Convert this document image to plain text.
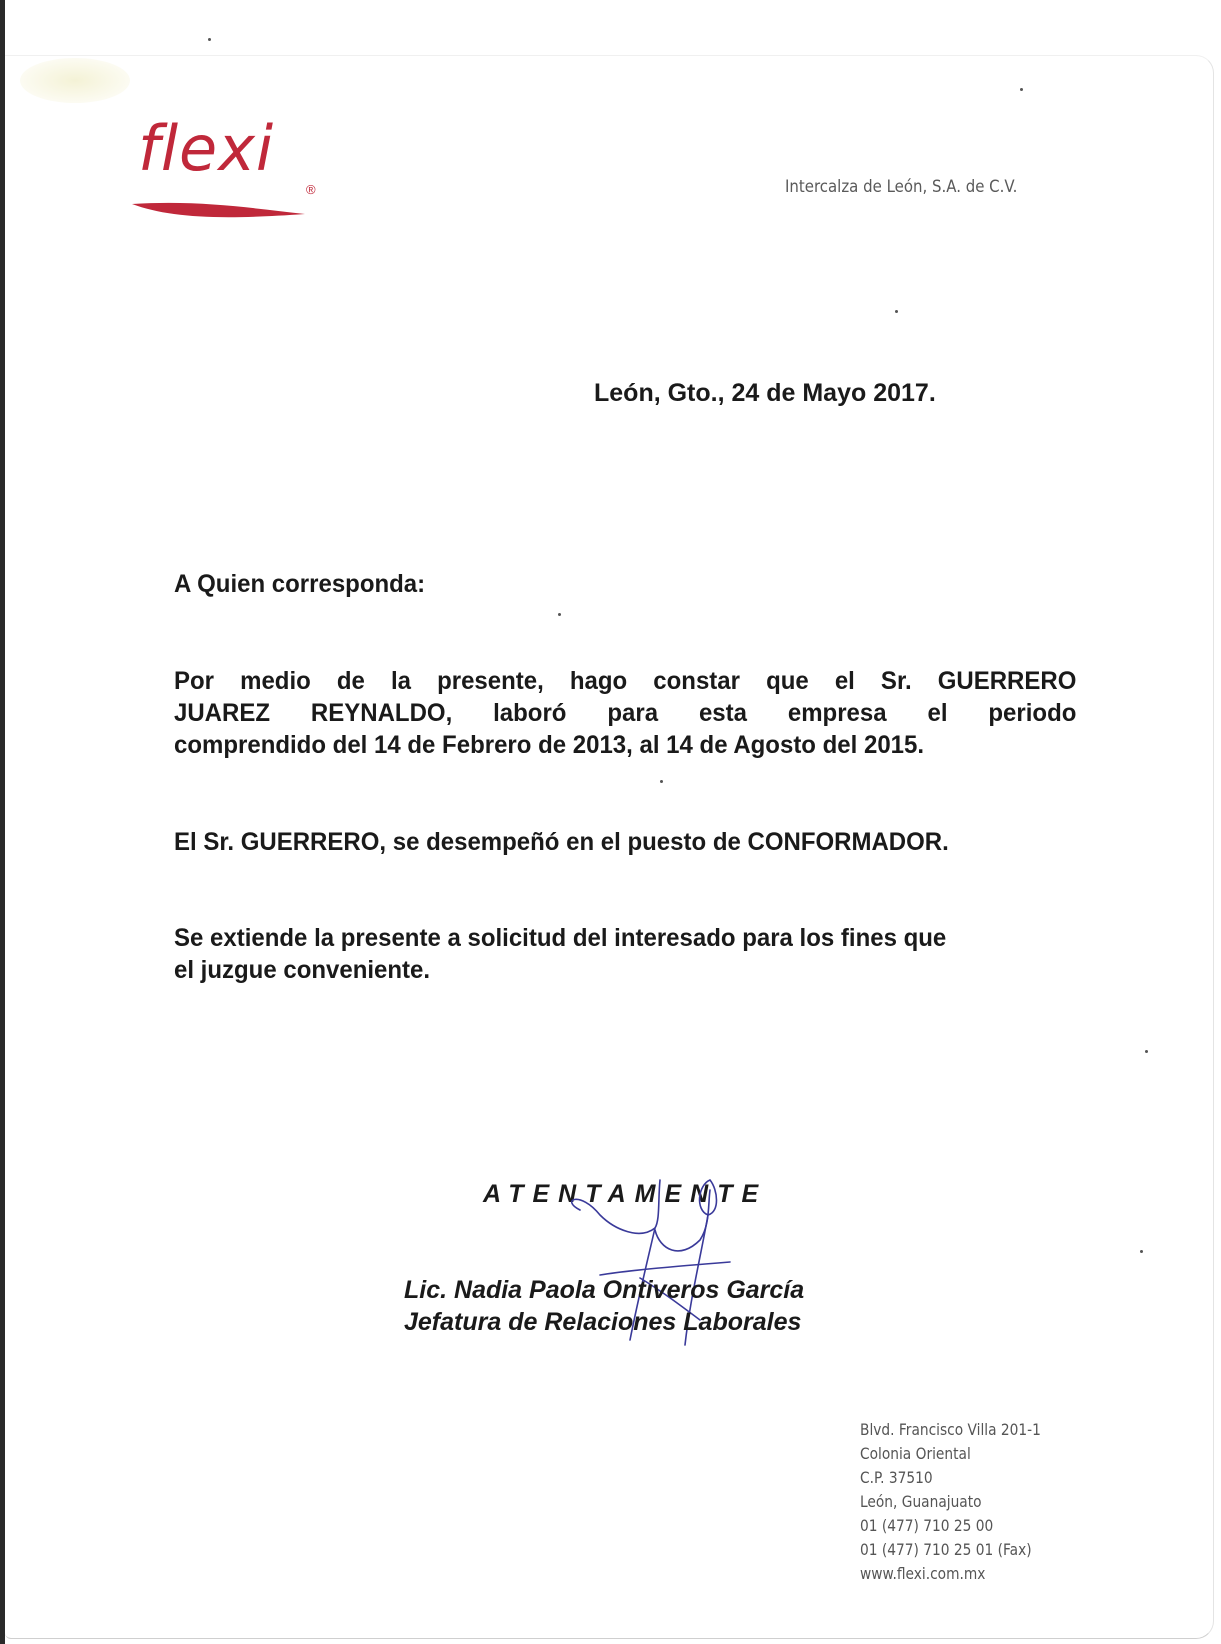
flexi
®	Intercalza de León, S.A. de C.V.
León, Gto., 24 de Mayo 2017.
A Quien corresponda:
Por medio de la presente, hago constar que el Sr. GUERRERO
JUAREZ REYNALDO, laboró para esta empresa el periodo
comprendido del 14 de Febrero de 2013, al 14 de Agosto del 2015.
El Sr. GUERRERO, se desempeñó en el puesto de CONFORMADOR.
Se extiende la presente a solicitud del interesado para los fines que
el juzgue conveniente.
ATENTAMENTE
Lic. Nadia Paola Ontiveros García
Jefatura de Relaciones Laborales
Blvd. Francisco Villa 201-1
Colonia Oriental
C.P. 37510
León, Guanajuato
01 (477) 710 25 00
01 (477) 710 25 01 (Fax)
www.flexi.com.mx
